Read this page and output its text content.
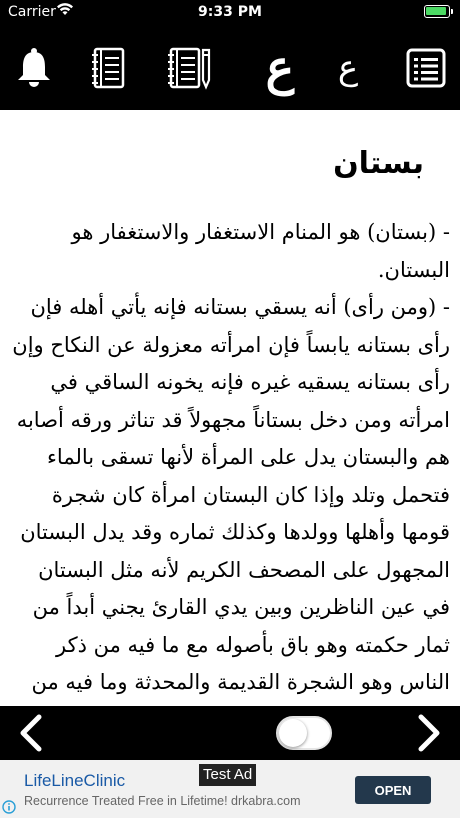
Carrier	9:33 PM
ع
ع
بستان

- (بستان) هو المنام الاستغفار والاستغفار هو البستان.

- (ومن رأى) أنه يسقي بستانه فإنه يأتي أهله فإن رأى بستانه يابساً فإن امرأته معزولة عن النكاح وإن رأى بستانه يسقيه غيره فإنه يخونه الساقي في امرأته ومن دخل بستاناً مجهولاً قد تناثر ورقه أصابه هم والبستان يدل على المرأة لأنها تسقى بالماء فتحمل وتلد وإذا كان البستان امرأة كان شجرة قومها وأهلها وولدها وكذلك ثماره وقد يدل البستان المجهول على المصحف الكريم لأنه مثل البستان في عين الناظرين وبين يدي القارئ يجني أبداً من ثمار حكمته وهو باق بأصوله مع ما فيه من ذكر الناس وهو الشجرة القديمة والمحدثة وما فيه من

LifeLineClinic
Recurrence Treated Free in Lifetime! drkabra.com
Test Ad
OPEN
